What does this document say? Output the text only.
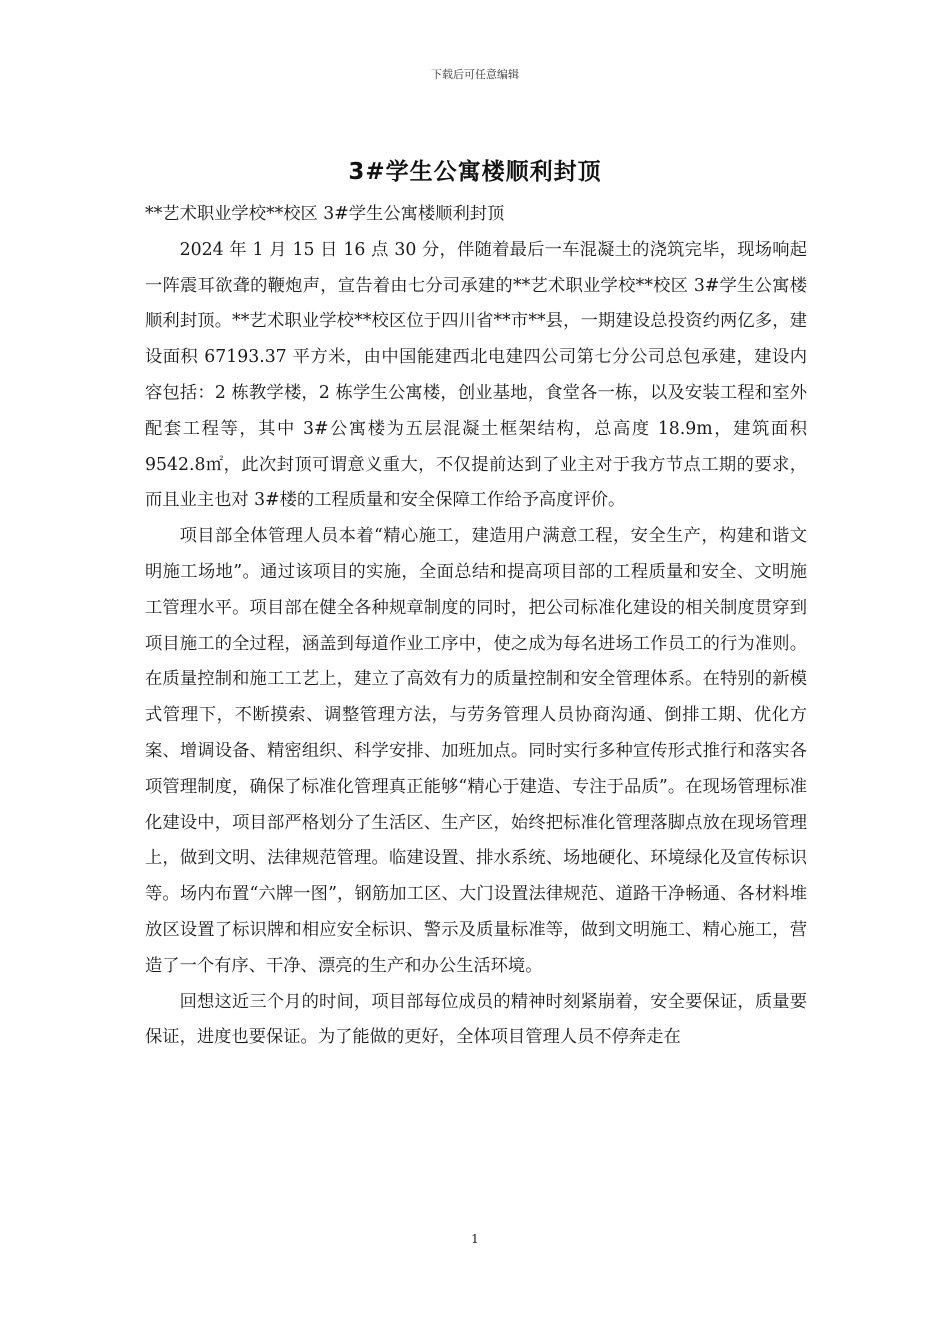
下载后可任意编辑
3#学生公寓楼顺利封顶

**艺术职业学校**校区 3#学生公寓楼顺利封顶

2024 年 1 月 15 日 16 点 30 分，伴随着最后一车混凝土的浇筑完毕，现场响起一阵震耳欲聋的鞭炮声，宣告着由七分司承建的**艺术职业学校**校区 3#学生公寓楼顺利封顶。**艺术职业学校**校区位于四川省**市**县，一期建设总投资约两亿多，建设面积 67193.37 平方米，由中国能建西北电建四公司第七分公司总包承建，建设内容包括：2 栋教学楼，2 栋学生公寓楼，创业基地，食堂各一栋，以及安装工程和室外配套工程等，其中 3#公寓楼为五层混凝土框架结构，总高度 18.9m，建筑面积 9542.8㎡，此次封顶可谓意义重大，不仅提前达到了业主对于我方节点工期的要求，而且业主也对 3#楼的工程质量和安全保障工作给予高度评价。

项目部全体管理人员本着“精心施工，建造用户满意工程，安全生产，构建和谐文明施工场地”。通过该项目的实施，全面总结和提高项目部的工程质量和安全、文明施工管理水平。项目部在健全各种规章制度的同时，把公司标准化建设的相关制度贯穿到项目施工的全过程，涵盖到每道作业工序中，使之成为每名进场工作员工的行为准则。在质量控制和施工工艺上，建立了高效有力的质量控制和安全管理体系。在特别的新模式管理下，不断摸索、调整管理方法，与劳务管理人员协商沟通、倒排工期、优化方案、增调设备、精密组织、科学安排、加班加点。同时实行多种宣传形式推行和落实各项管理制度，确保了标准化管理真正能够“精心于建造、专注于品质”。在现场管理标准化建设中，项目部严格划分了生活区、生产区，始终把标准化管理落脚点放在现场管理上，做到文明、法律规范管理。临建设置、排水系统、场地硬化、环境绿化及宣传标识等。场内布置“六牌一图”，钢筋加工区、大门设置法律规范、道路干净畅通、各材料堆放区设置了标识牌和相应安全标识、警示及质量标准等，做到文明施工、精心施工，营造了一个有序、干净、漂亮的生产和办公生活环境。

回想这近三个月的时间，项目部每位成员的精神时刻紧崩着，安全要保证，质量要保证，进度也要保证。为了能做的更好，全体项目管理人员不停奔走在

1
